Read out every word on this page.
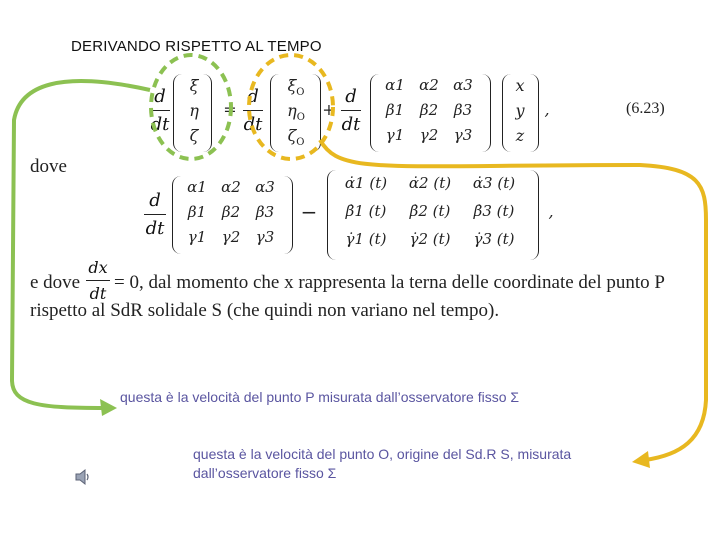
DERIVANDO RISPETTO AL TEMPO
d
dt
ξ
η
ζ
=
d
dt
$\xi_O$
$\eta_O$
$\zeta_O$
+
d
dt
α1 α2 α3
β1	β2	β3
γ1	γ2	γ3
x
y
z
,	(6.23)
dove
d
dt
α1 α2 α3
β1	β2	β3
γ1	γ2	γ3
−
α̇1 (t)	α̇2 (t)	α̇3 (t)
β̇1 (t)	β̇2 (t)	β̇3 (t)
γ̇1 (t)	γ̇2 (t)	γ̇3 (t)
,
e dove
dx
dt
= 0, dal momento che x rappresenta la terna delle coordinate del punto P
rispetto al SdR solidale S (che quindi non variano nel tempo).
questa è la velocità del punto P misurata dall’osservatore fisso Σ
questa è la velocità del punto O, origine del Sd.R S, misurata
dall’osservatore fisso Σ
